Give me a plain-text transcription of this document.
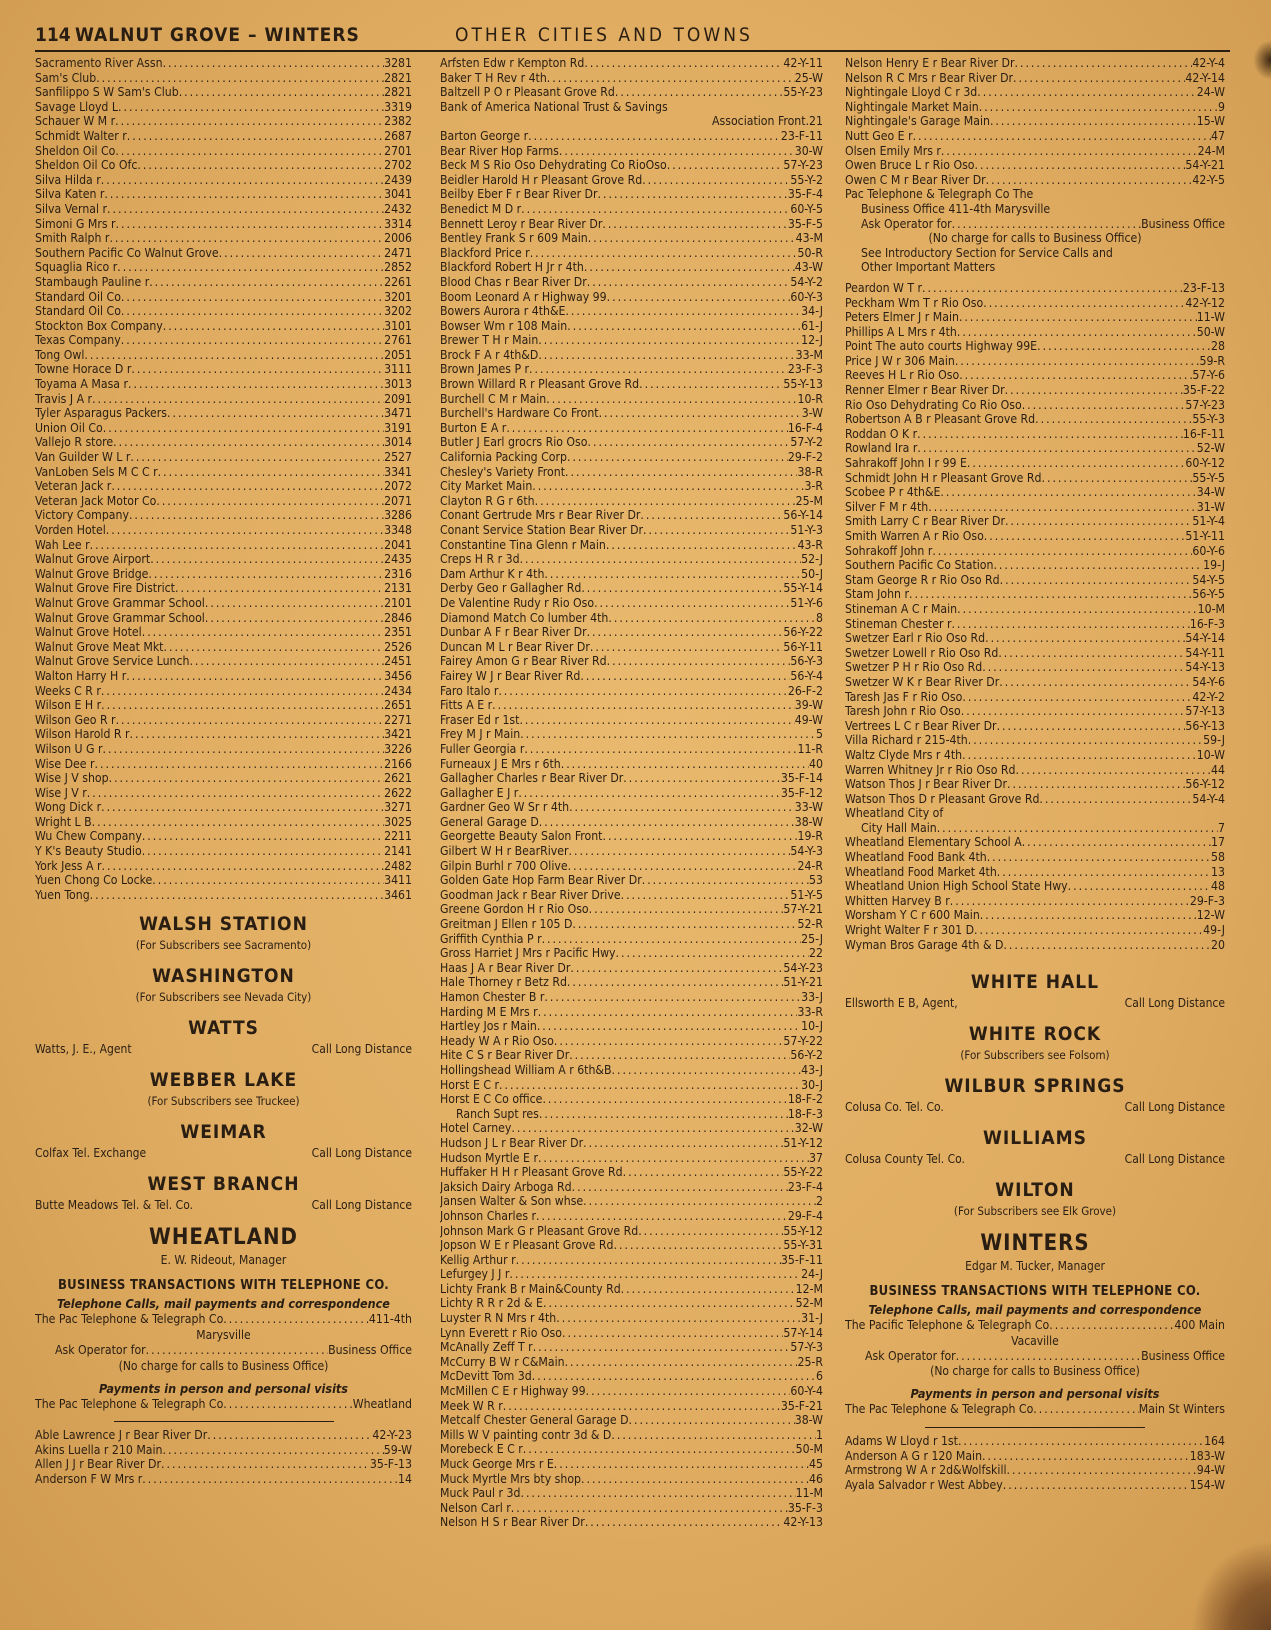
114 WALNUT GROVE – WINTERS	OTHER CITIES AND TOWNS
Sacramento River Assn .....	3281
Sam's Club .....	2821
Sanfilippo S W Sam's Club .....	2821
Savage Lloyd L .....	3319
Schauer W M r .....	2382
Schmidt Walter r .....	2687
Sheldon Oil Co .....	2701
Sheldon Oil Co Ofc .....	2702
Silva Hilda r .....	2439
Silva Katen r .....	3041
Silva Vernal r .....	2432
Simoni G Mrs r .....	3314
Smith Ralph r .....	2006
Southern Pacific Co Walnut Grove .....	2471
Squaglia Rico r .....	2852
Stambaugh Pauline r .....	2261
Standard Oil Co .....	3201
Standard Oil Co .....	3202
Stockton Box Company .....	3101
Texas Company .....	2761
Tong Owl .....	2051
Towne Horace D r .....	3111
Toyama A Masa r .....	3013
Travis J A r .....	2091
Tyler Asparagus Packers .....	3471
Union Oil Co .....	3191
Vallejo R store .....	3014
Van Guilder W L r .....	2527
VanLoben Sels M C C r .....	3341
Veteran Jack r .....	2072
Veteran Jack Motor Co .....	2071
Victory Company .....	3286
Vorden Hotel .....	3348
Wah Lee r .....	2041
Walnut Grove Airport .....	2435
Walnut Grove Bridge .....	2316
Walnut Grove Fire District .....	2131
Walnut Grove Grammar School .....	2101
Walnut Grove Grammar School .....	2846
Walnut Grove Hotel .....	2351
Walnut Grove Meat Mkt .....	2526
Walnut Grove Service Lunch .....	2451
Walton Harry H r .....	3456
Weeks C R r .....	2434
Wilson E H r .....	2651
Wilson Geo R r .....	2271
Wilson Harold R r .....	3421
Wilson U G r .....	3226
Wise Dee r .....	2166
Wise J V shop .....	2621
Wise J V r .....	2622
Wong Dick r .....	3271
Wright L B .....	3025
Wu Chew Company .....	2211
Y K's Beauty Studio .....	2141
York Jess A r .....	2482
Yuen Chong Co Locke .....	3411
Yuen Tong .....	3461
WALSH STATION
(For Subscribers see Sacramento)
WASHINGTON
(For Subscribers see Nevada City)
WATTS
Watts, J. E., Agent	Call Long Distance
WEBBER LAKE
(For Subscribers see Truckee)
WEIMAR
Colfax Tel. Exchange	Call Long Distance
WEST BRANCH
Butte Meadows Tel. & Tel. Co.	Call Long Distance
WHEATLAND
E. W. Rideout, Manager
BUSINESS TRANSACTIONS WITH TELEPHONE CO.
Telephone Calls, mail payments and correspondence
The Pac Telephone & Telegraph Co .....	411-4th
Marysville
Ask Operator for .....	Business Office
(No charge for calls to Business Office)
Payments in person and personal visits
The Pac Telephone & Telegraph Co .....	Wheatland
Able Lawrence J r Bear River Dr .....	42-Y-23
Akins Luella r 210 Main .....	59-W
Allen J J r Bear River Dr .....	35-F-13
Anderson F W Mrs r .....	14
Arfsten Edw r Kempton Rd .....	42-Y-11
Baker T H Rev r 4th .....	25-W
Baltzell P O r Pleasant Grove Rd .....	55-Y-23
Bank of America National Trust & Savings
Association Front . 21
Barton George r .....	23-F-11
Bear River Hop Farms .....	30-W
Beck M S Rio Oso Dehydrating Co RioOso .....	57-Y-23
Beidler Harold H r Pleasant Grove Rd .....	55-Y-2
Beilby Eber F r Bear River Dr .....	35-F-4
Benedict M D r .....	60-Y-5
Bennett Leroy r Bear River Dr .....	35-F-5
Bentley Frank S r 609 Main .....	43-M
Blackford Price r .....	50-R
Blackford Robert H Jr r 4th .....	43-W
Blood Chas r Bear River Dr .....	54-Y-2
Boom Leonard A r Highway 99 .....	60-Y-3
Bowers Aurora r 4th&E .....	34-J
Bowser Wm r 108 Main .....	61-J
Brewer T H r Main .....	12-J
Brock F A r 4th&D .....	33-M
Brown James P r .....	23-F-3
Brown Willard R r Pleasant Grove Rd .....	55-Y-13
Burchell C M r Main .....	10-R
Burchell's Hardware Co Front .....	3-W
Burton E A r .....	16-F-4
Butler J Earl grocrs Rio Oso .....	57-Y-2
California Packing Corp .....	29-F-2
Chesley's Variety Front .....	38-R
City Market Main .....	3-R
Clayton R G r 6th .....	25-M
Conant Gertrude Mrs r Bear River Dr .....	56-Y-14
Conant Service Station Bear River Dr .....	51-Y-3
Constantine Tina Glenn r Main .....	43-R
Creps H R r 3d .....	52-J
Dam Arthur K r 4th .....	50-J
Derby Geo r Gallagher Rd .....	55-Y-14
De Valentine Rudy r Rio Oso .....	51-Y-6
Diamond Match Co lumber 4th .....	8
Dunbar A F r Bear River Dr .....	56-Y-22
Duncan M L r Bear River Dr .....	56-Y-11
Fairey Amon G r Bear River Rd .....	56-Y-3
Fairey W J r Bear River Rd .....	56-Y-4
Faro Italo r .....	26-F-2
Fitts A E r .....	39-W
Fraser Ed r 1st .....	49-W
Frey M J r Main .....	5
Fuller Georgia r .....	11-R
Furneaux J E Mrs r 6th .....	40
Gallagher Charles r Bear River Dr .....	35-F-14
Gallagher E J r .....	35-F-12
Gardner Geo W Sr r 4th .....	33-W
General Garage D .....	38-W
Georgette Beauty Salon Front .....	19-R
Gilbert W H r BearRiver .....	54-Y-3
Gilpin Burhl r 700 Olive .....	24-R
Golden Gate Hop Farm Bear River Dr .....	53
Goodman Jack r Bear River Drive .....	51-Y-5
Greene Gordon H r Rio Oso .....	57-Y-21
Greitman J Ellen r 105 D .....	52-R
Griffith Cynthia P r .....	25-J
Gross Harriet J Mrs r Pacific Hwy .....	22
Haas J A r Bear River Dr .....	54-Y-23
Hale Thorney r Betz Rd .....	51-Y-21
Hamon Chester B r .....	33-J
Harding M E Mrs r .....	33-R
Hartley Jos r Main .....	10-J
Heady W A r Rio Oso .....	57-Y-22
Hite C S r Bear River Dr .....	56-Y-2
Hollingshead William A r 6th&B .....	43-J
Horst E C r .....	30-J
Horst E C Co office .....	18-F-2
Ranch Supt res .....	18-F-3
Hotel Carney .....	32-W
Hudson J L r Bear River Dr .....	51-Y-12
Hudson Myrtle E r .....	37
Huffaker H H r Pleasant Grove Rd .....	55-Y-22
Jaksich Dairy Arboga Rd .....	23-F-4
Jansen Walter & Son whse .....	2
Johnson Charles r .....	29-F-4
Johnson Mark G r Pleasant Grove Rd .....	55-Y-12
Jopson W E r Pleasant Grove Rd .....	55-Y-31
Kellig Arthur r .....	35-F-11
Lefurgey J J r .....	24-J
Lichty Frank B r Main&County Rd .....	12-M
Lichty R R r 2d & E .....	52-M
Luyster R N Mrs r 4th .....	31-J
Lynn Everett r Rio Oso .....	57-Y-14
McAnally Zeff T r .....	57-Y-3
McCurry B W r C&Main .....	25-R
McDevitt Tom 3d .....	6
McMillen C E r Highway 99 .....	60-Y-4
Meek W R r .....	35-F-21
Metcalf Chester General Garage D .....	38-W
Mills W V painting contr 3d & D .....	1
Morebeck E C r .....	50-M
Muck George Mrs r E .....	45
Muck Myrtle Mrs bty shop .....	46
Muck Paul r 3d .....	11-M
Nelson Carl r .....	35-F-3
Nelson H S r Bear River Dr .....	42-Y-13
Nelson Henry E r Bear River Dr .....	42-Y-4
Nelson R C Mrs r Bear River Dr .....	42-Y-14
Nightingale Lloyd C r 3d .....	24-W
Nightingale Market Main .....	9
Nightingale's Garage Main .....	15-W
Nutt Geo E r .....	47
Olsen Emily Mrs r .....	24-M
Owen Bruce L r Rio Oso .....	54-Y-21
Owen C M r Bear River Dr .....	42-Y-5
Pac Telephone & Telegraph Co The
Business Office 411-4th Marysville
Ask Operator for .....	Business Office
(No charge for calls to Business Office)
See Introductory Section for Service Calls and
Other Important Matters
Peardon W T r .....	23-F-13
Peckham Wm T r Rio Oso .....	42-Y-12
Peters Elmer J r Main .....	11-W
Phillips A L Mrs r 4th .....	50-W
Point The auto courts Highway 99E .....	28
Price J W r 306 Main .....	59-R
Reeves H L r Rio Oso .....	57-Y-6
Renner Elmer r Bear River Dr .....	35-F-22
Rio Oso Dehydrating Co Rio Oso .....	57-Y-23
Robertson A B r Pleasant Grove Rd .....	55-Y-3
Roddan O K r .....	16-F-11
Rowland Ira r .....	52-W
Sahrakoff John I r 99 E .....	60-Y-12
Schmidt John H r Pleasant Grove Rd .....	55-Y-5
Scobee P r 4th&E .....	34-W
Silver F M r 4th .....	31-W
Smith Larry C r Bear River Dr .....	51-Y-4
Smith Warren A r Rio Oso .....	51-Y-11
Sohrakoff John r .....	60-Y-6
Southern Pacific Co Station .....	19-J
Stam George R r Rio Oso Rd .....	54-Y-5
Stam John r .....	56-Y-5
Stineman A C r Main .....	10-M
Stineman Chester r .....	16-F-3
Swetzer Earl r Rio Oso Rd .....	54-Y-14
Swetzer Lowell r Rio Oso Rd .....	54-Y-11
Swetzer P H r Rio Oso Rd .....	54-Y-13
Swetzer W K r Bear River Dr .....	54-Y-6
Taresh Jas F r Rio Oso .....	42-Y-2
Taresh John r Rio Oso .....	57-Y-13
Vertrees L C r Bear River Dr .....	56-Y-13
Villa Richard r 215-4th .....	59-J
Waltz Clyde Mrs r 4th .....	10-W
Warren Whitney Jr r Rio Oso Rd .....	44
Watson Thos J r Bear River Dr .....	56-Y-12
Watson Thos D r Pleasant Grove Rd .....	54-Y-4
Wheatland City of
City Hall Main .....	7
Wheatland Elementary School A .....	17
Wheatland Food Bank 4th .....	58
Wheatland Food Market 4th .....	13
Wheatland Union High School State Hwy .....	48
Whitten Harvey B r .....	29-F-3
Worsham Y C r 600 Main .....	12-W
Wright Walter F r 301 D .....	49-J
Wyman Bros Garage 4th & D .....	20
WHITE HALL
Ellsworth E B, Agent,	Call Long Distance
WHITE ROCK
(For Subscribers see Folsom)
WILBUR SPRINGS
Colusa Co. Tel. Co.	Call Long Distance
WILLIAMS
Colusa County Tel. Co.	Call Long Distance
WILTON
(For Subscribers see Elk Grove)
WINTERS
Edgar M. Tucker, Manager
BUSINESS TRANSACTIONS WITH TELEPHONE CO.
Telephone Calls, mail payments and correspondence
The Pacific Telephone & Telegraph Co .....	400 Main
Vacaville
Ask Operator for .....	Business Office
(No charge for calls to Business Office)
Payments in person and personal visits
The Pac Telephone & Telegraph Co .....	Main St Winters
Adams W Lloyd r 1st .....	164
Anderson A G r 120 Main .....	183-W
Armstrong W A r 2d&Wolfskill .....	94-W
Ayala Salvador r West Abbey .....	154-W
